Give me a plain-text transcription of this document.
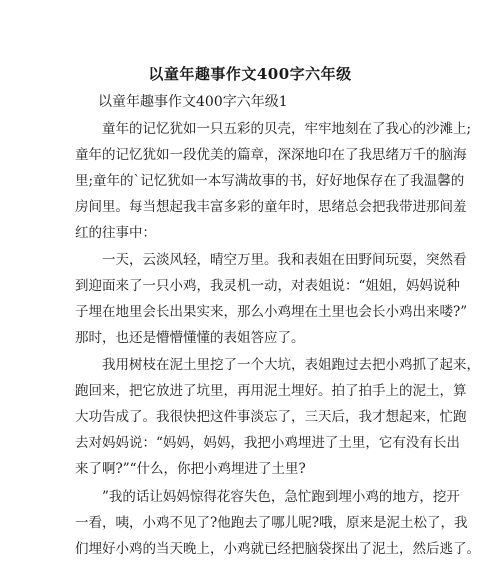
以童年趣事作文400字六年级
以童年趣事作文400字六年级1

　　童年的记忆犹如一只五彩的贝壳，牢牢地刻在了我心的沙滩上;
童年的记忆犹如一段优美的篇章，深深地印在了我思绪万千的脑海
里;童年的`记忆犹如一本写满故事的书，好好地保存在了我温馨的
房间里。每当想起我丰富多彩的童年时，思绪总会把我带进那间羞
红的往事中：

　　一天，云淡风轻，晴空万里。我和表姐在田野间玩耍，突然看
到迎面来了一只小鸡，我灵机一动，对表姐说：“姐姐，妈妈说种
子埋在地里会长出果实来，那么小鸡埋在土里也会长小鸡出来喽?”
那时，也还是懵懵懂懂的表姐答应了。

　　我用树枝在泥土里挖了一个大坑，表姐跑过去把小鸡抓了起来，
跑回来，把它放进了坑里，再用泥土埋好。拍了拍手上的泥土，算
大功告成了。我很快把这件事淡忘了，三天后，我才想起来，忙跑
去对妈妈说：“妈妈，妈妈，我把小鸡埋进了土里，它有没有长出
来了啊?”“什么，你把小鸡埋进了土里?

　　”我的话让妈妈惊得花容失色，急忙跑到埋小鸡的地方，挖开
一看，咦，小鸡不见了?他跑去了哪儿呢?哦，原来是泥土松了，我
们埋好小鸡的当天晚上，小鸡就已经把脑袋探出了泥土，然后逃了。
